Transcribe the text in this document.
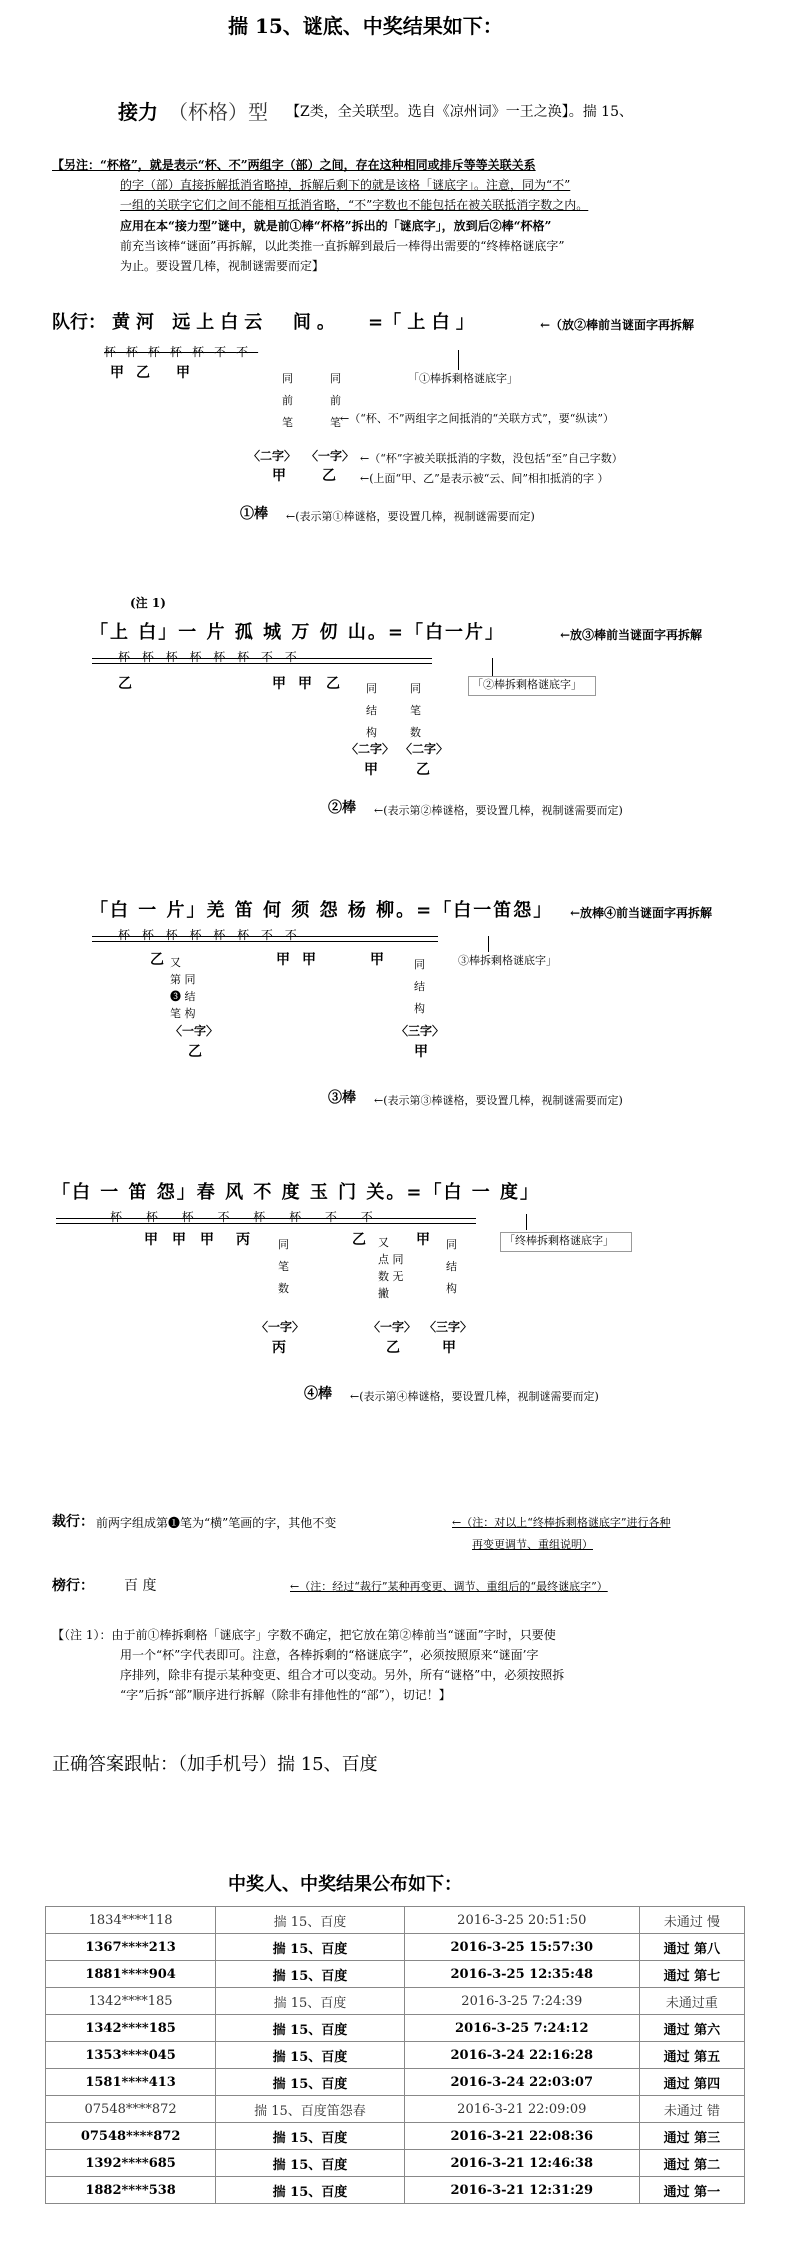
揣 15、谜底、中奖结果如下：
接力 （杯格）型 【Z类，全关联型。选自《凉州词》一王之涣】。揣 15、
【另注：“杯格”，就是表示“杯、不”两组字（部）之间，存在这种相同或排斥等等关联关系
的字（部）直接拆解抵消省略掉，拆解后剩下的就是该格「谜底字」。注意，同为“不”
一组的关联字它们之间不能相互抵消省略，“不”字数也不能包括在被关联抵消字数之内。
应用在本“接力型”谜中，就是前①棒“杯格”拆出的「谜底字」，放到后②棒“杯格”
前充当该棒“谜面”再拆解，以此类推一直拆解到最后一棒得出需要的“终棒格谜底字”
为止。要设置几棒，视制谜需要而定】
队行： 黄河 远上白云 间。 =「 上 白 」	←（放②棒前当谜面字再拆解
杯杯杯杯杯不不
甲 乙 甲	同
前
笔
同
前
笔
「①棒拆剩格谜底字」
←（“杯、不”两组字之间抵消的“关联方式”，要“纵读”）
〈二字〉 〈一字〉 ←（“杯”字被关联抵消的字数，没包括“至”自己字数）
甲	乙 ←(上面“甲、乙”是表示被“云、间”相扣抵消的字 ）
①棒 ←(表示第①棒谜格，要设置几棒，视制谜需要而定)
(注 1)
「上 白」一 片 孤 城 万 仞 山。=「白一片」	←放③棒前当谜面字再拆解
杯 杯 杯 杯 杯 杯 不 不
乙	甲 甲 乙 同
结
构
同
笔
数
「②棒拆剩格谜底字」
〈二字〉 〈二字〉
甲	乙
②棒 ←(表示第②棒谜格，要设置几棒，视制谜需要而定)
「白 一 片」羌 笛 何 须 怨 杨 柳。=「白一笛怨」 ←放棒④前当谜面字再拆解
杯 杯 杯 杯 杯 杯 不 不
乙 又
第 同
❸ 结
笔 构
甲 甲	甲	同
结
构
③棒拆剩格谜底字」
〈一字〉	〈三字〉
乙	甲
③棒 ←(表示第③棒谜格，要设置几棒，视制谜需要而定)
「白 一 笛 怨」春 风 不 度 玉 门 关。=「白 一 度」
杯 杯 杯 不 杯 杯 不 不
甲 甲 甲 丙	同
笔
数
乙 又
点 同
数 无
撇
甲 同
结
构
「终棒拆剩格谜底字」
〈一字〉	〈一字〉 〈三字〉
丙	乙	甲
④棒 ←(表示第④棒谜格，要设置几棒，视制谜需要而定)
裁行： 前两字组成第❶笔为“横”笔画的字，其他不变	←（注：对以上“终棒拆剩格谜底字”进行各种
再变更调节、重组说明）
榜行： 百 度	←（注：经过“裁行”某种再变更、调节、重组后的“最终谜底字”）
【（注 1）：由于前①棒拆剩格「谜底字」字数不确定，把它放在第②棒前当“谜面”字时，只要使
用一个“杯”字代表即可。注意，各棒拆剩的“格谜底字”，必须按照原来“谜面’字
序排列，除非有提示某种变更、组合才可以变动。另外，所有“谜格”中，必须按照拆
“字”后拆“部”顺序进行拆解（除非有排他性的“部”），切记！】
正确答案跟帖：（加手机号）揣 15、百度
中奖人、中奖结果公布如下：
1834****118	揣 15、百度	2016-3-25 20:51:50	未通过 慢
1367****213	揣 15、百度	2016-3-25 15:57:30	通过 第八
1881****904	揣 15、百度	2016-3-25 12:35:48	通过 第七
1342****185	揣 15、百度	2016-3-25 7:24:39	未通过重
1342****185	揣 15、百度	2016-3-25 7:24:12	通过 第六
1353****045	揣 15、百度	2016-3-24 22:16:28	通过 第五
1581****413	揣 15、百度	2016-3-24 22:03:07	通过 第四
07548****872	揣 15、百度笛怨春	2016-3-21 22:09:09	未通过 错
07548****872	揣 15、百度	2016-3-21 22:08:36	通过 第三
1392****685	揣 15、百度	2016-3-21 12:46:38	通过 第二
1882****538	揣 15、百度	2016-3-21 12:31:29	通过 第一
